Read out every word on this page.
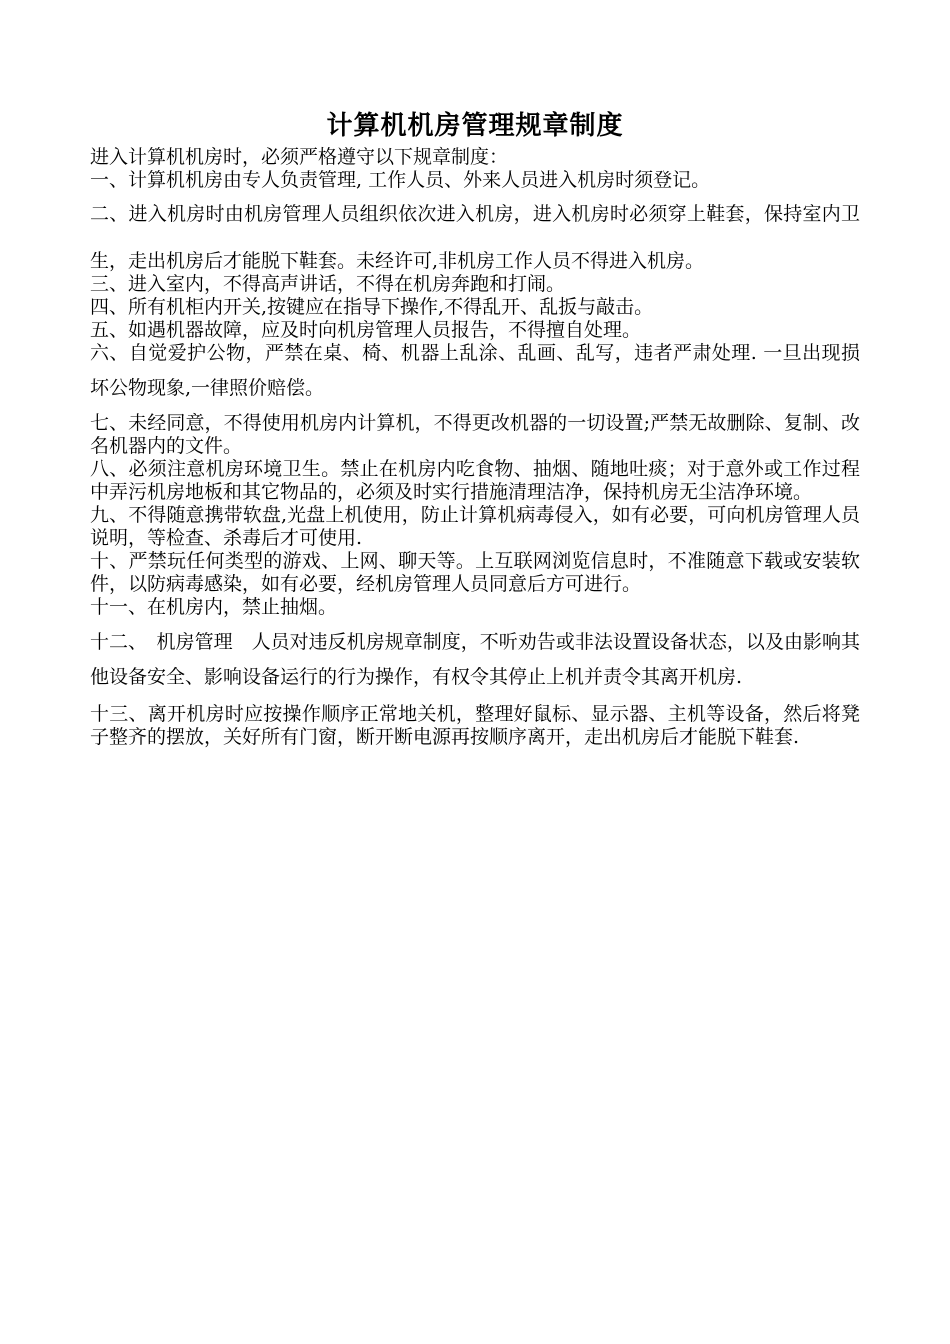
计算机机房管理规章制度

进入计算机机房时，必须严格遵守以下规章制度：

一、计算机机房由专人负责管理, 工作人员、外来人员进入机房时须登记。

二、进入机房时由机房管理人员组织依次进入机房，进入机房时必须穿上鞋套，保持室内卫生，走出机房后才能脱下鞋套。未经许可,非机房工作人员不得进入机房。

三、进入室内，不得高声讲话，不得在机房奔跑和打闹。

四、所有机柜内开关,按键应在指导下操作,不得乱开、乱扳与敲击。

五、如遇机器故障，应及时向机房管理人员报告，不得擅自处理。

六、自觉爱护公物，严禁在桌、椅、机器上乱涂、乱画、乱写，违者严肃处理. 一旦出现损坏公物现象,一律照价赔偿。

七、未经同意，不得使用机房内计算机，不得更改机器的一切设置;严禁无故删除、复制、改名机器内的文件。

八、必须注意机房环境卫生。禁止在机房内吃食物、抽烟、随地吐痰；对于意外或工作过程中弄污机房地板和其它物品的，必须及时实行措施清理洁净，保持机房无尘洁净环境。

九、不得随意携带软盘,光盘上机使用，防止计算机病毒侵入，如有必要，可向机房管理人员说明，等检查、杀毒后才可使用.

十、严禁玩任何类型的游戏、上网、聊天等。上互联网浏览信息时，不准随意下载或安装软件，以防病毒感染，如有必要，经机房管理人员同意后方可进行。

十一、在机房内，禁止抽烟。

十二、　机房管理　人员对违反机房规章制度，不听劝告或非法设置设备状态，以及由影响其他设备安全、影响设备运行的行为操作，有权令其停止上机并责令其离开机房.

十三、离开机房时应按操作顺序正常地关机，整理好鼠标、显示器、主机等设备，然后将凳子整齐的摆放，关好所有门窗，断开断电源再按顺序离开，走出机房后才能脱下鞋套.
